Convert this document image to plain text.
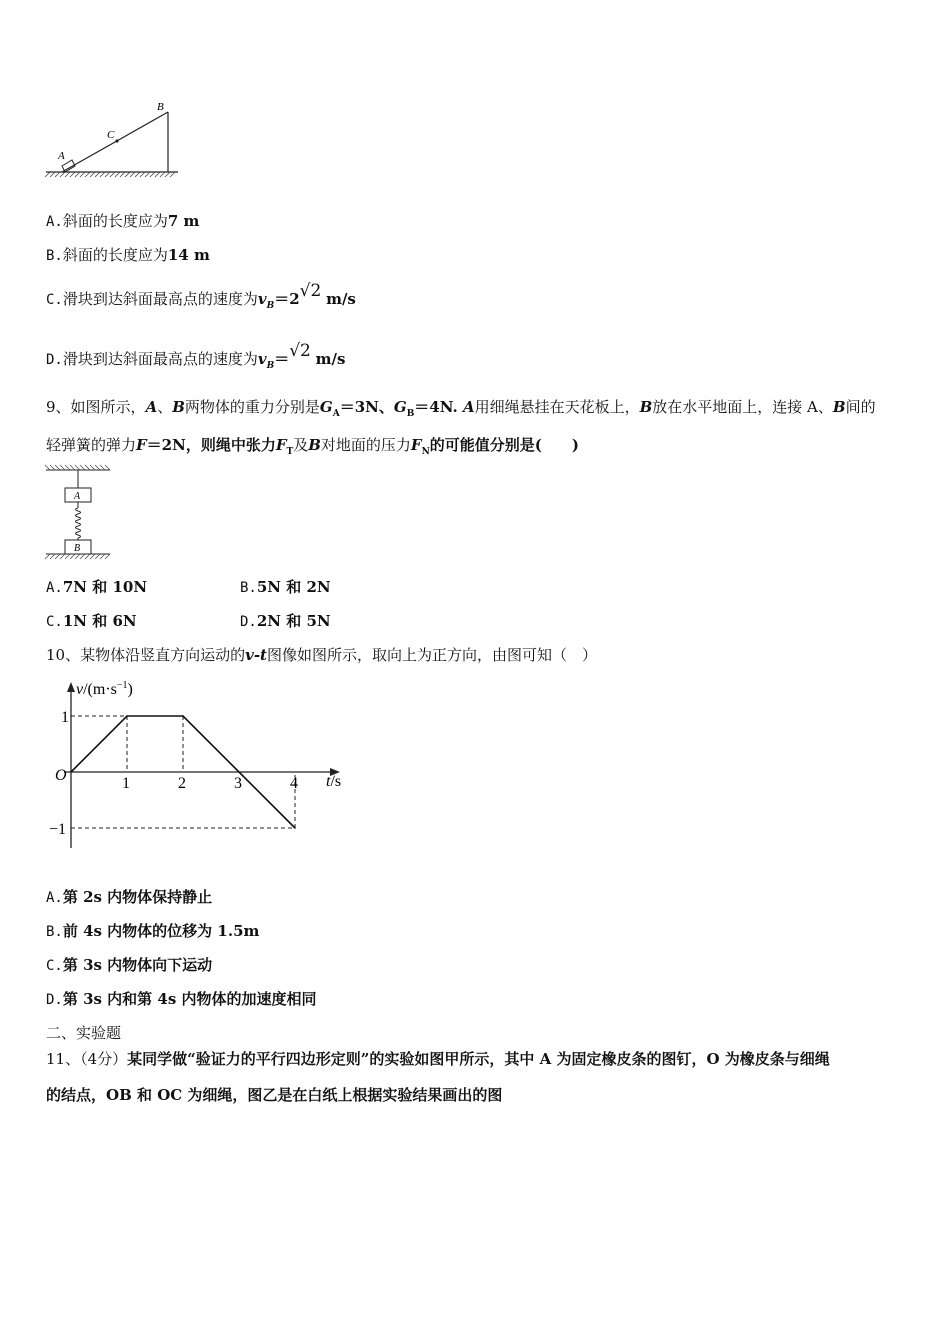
A
C
B
A.斜面的长度应为7 m
B.斜面的长度应为14 m
C.滑块到达斜面最高点的速度为$v_B=2√2$ m/s
D.滑块到达斜面最高点的速度为$v_B=√2$ m/s
9、如图所示，A、B两物体的重力分别是$G_A=3N$、$G_B=4N$. A用细绳悬挂在天花板上，B放在水平地面上，连接 A、B间的
轻弹簧的弹力F＝2N，则绳中张力$F_T$及B对地面的压力$F_N$的可能值分别是(　　)
A
B
A.7N 和 10N	B.5N 和 2N
C.1N 和 6N	D.2N 和 5N
10、某物体沿竖直方向运动的v-t图像如图所示，取向上为正方向，由图可知（　）
$v/(m\cdot s^{-1})$
t/s
O	1	2	3	4
1
−1
A.第 2s 内物体保持静止
B.前 4s 内物体的位移为 1.5m
C.第 3s 内物体向下运动
D.第 3s 内和第 4s 内物体的加速度相同
二、实验题
11、（4分）某同学做“验证力的平行四边形定则”的实验如图甲所示，其中 A 为固定橡皮条的图钉，O 为橡皮条与细绳
的结点，OB 和 OC 为细绳，图乙是在白纸上根据实验结果画出的图
